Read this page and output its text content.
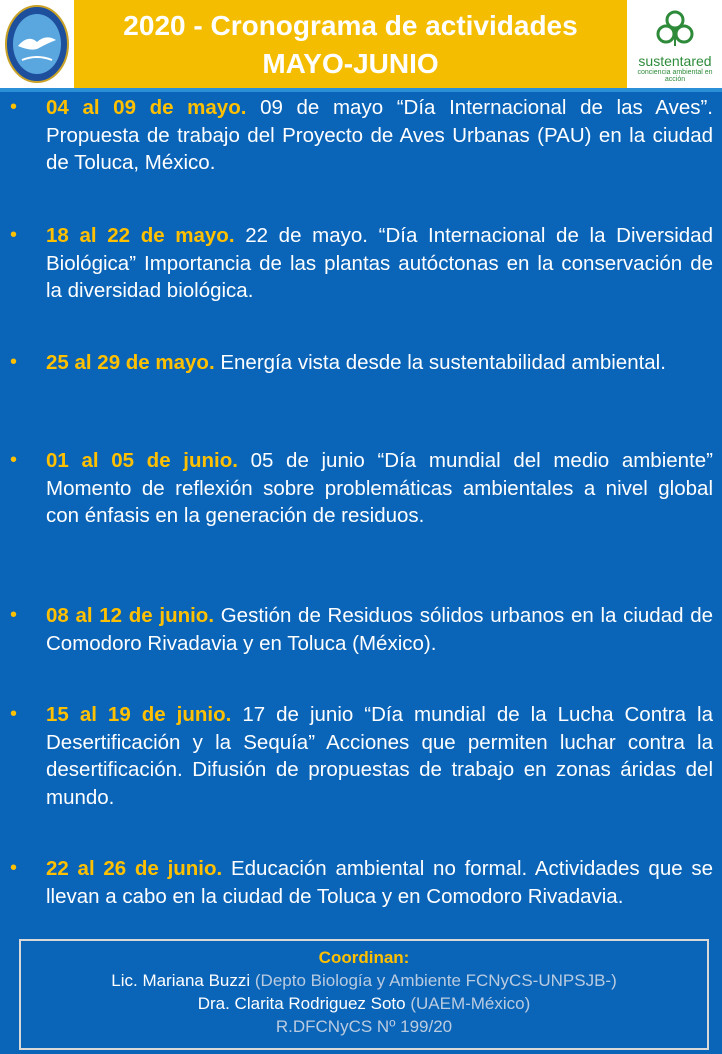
2020 - Cronograma de actividades
MAYO-JUNIO	sustentared
conciencia ambiental en acción
• 04 al 09 de mayo. 09 de mayo “Día Internacional de las Aves”. Propuesta de trabajo del Proyecto de Aves Urbanas (PAU) en la ciudad de Toluca, México.
• 18 al 22 de mayo. 22 de mayo. “Día Internacional de la Diversidad Biológica” Importancia de las plantas autóctonas en la conservación de la diversidad biológica.
• 25 al 29 de mayo. Energía vista desde la sustentabilidad ambiental.
• 01 al 05 de junio. 05 de junio “Día mundial del medio ambiente” Momento de reflexión sobre problemáticas ambientales a nivel global con énfasis en la generación de residuos.
• 08 al 12 de junio. Gestión de Residuos sólidos urbanos en la ciudad de Comodoro Rivadavia y en Toluca (México).
• 15 al 19 de junio. 17 de junio “Día mundial de la Lucha Contra la Desertificación y la Sequía” Acciones que permiten luchar contra la desertificación. Difusión de propuestas de trabajo en zonas áridas del mundo.
• 22 al 26 de junio. Educación ambiental no formal. Actividades que se llevan a cabo en la ciudad de Toluca y en Comodoro Rivadavia.
Coordinan:
Lic. Mariana Buzzi (Depto Biología y Ambiente FCNyCS-UNPSJB-)
Dra. Clarita Rodriguez Soto (UAEM-México)
R.DFCNyCS Nº 199/20
